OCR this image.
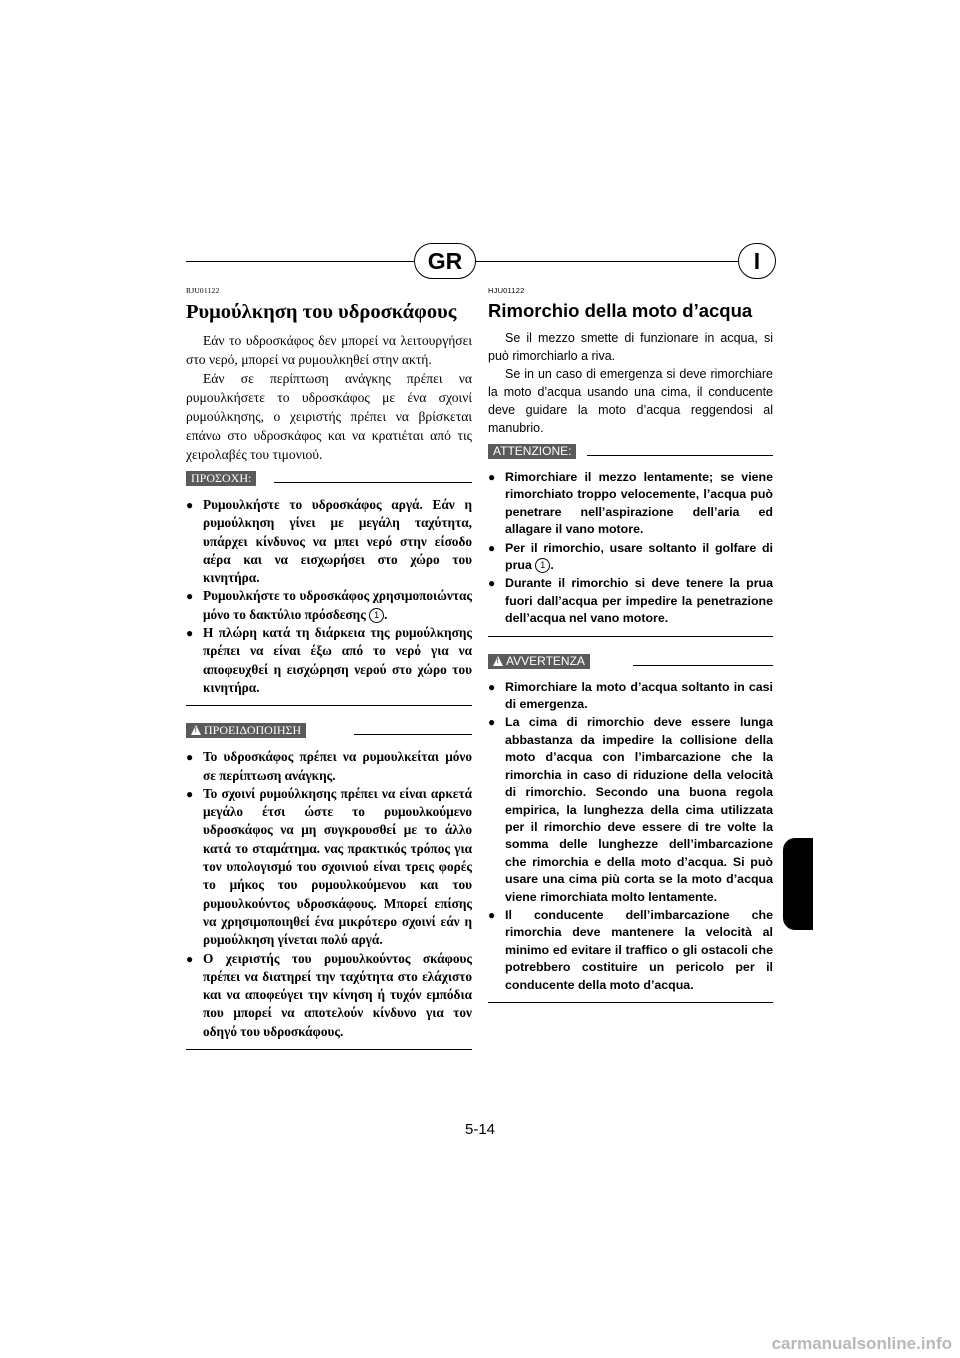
GR	I
RJU01122
Ρυμούλκηση του υδροσκάφους
Εάν το υδροσκάφος δεν μπορεί να λειτουργήσει στο νερό, μπορεί να ρυμουλκηθεί στην ακτή.
Εάν σε περίπτωση ανάγκης πρέπει να ρυμουλκήσετε το υδροσκάφος με ένα σχοινί ρυμούλκησης, ο χειριστής πρέπει να βρίσκεται επάνω στο υδροσκάφος και να κρατιέται από τις χειρολαβές του τιμονιού.
ΠΡΟΣΟΧΗ:
● Ρυμουλκήστε το υδροσκάφος αργά. Εάν η ρυμούλκηση γίνει με μεγάλη ταχύτητα, υπάρχει κίνδυνος να μπει νερό στην είσοδο αέρα και να εισχωρήσει στο χώρο του κινητήρα.
● Ρυμουλκήστε το υδροσκάφος χρησιμοποιώντας μόνο το δακτύλιο πρόσδεσης 1 .
● Η πλώρη κατά τη διάρκεια της ρυμούλκησης πρέπει να είναι έξω από το νερό για να αποφευχθεί η εισχώρηση νερού στο χώρο του κινητήρα.
!ΠΡΟΕΙΔΟΠΟΙΗΣΗ
● Το υδροσκάφος πρέπει να ρυμουλκείται μόνο σε περίπτωση ανάγκης.
● Το σχοινί ρυμούλκησης πρέπει να είναι αρκετά μεγάλο έτσι ώστε το ρυμουλκούμενο υδροσκάφος να μη συγκρουσθεί με το άλλο κατά το σταμάτημα. νας πρακτικός τρόπος για τον υπολογισμό του σχοινιού είναι τρεις φορές το μήκος του ρυμουλκούμενου και του ρυμουλκούντος υδροσκάφους. Μπορεί επίσης να χρησιμοποιηθεί ένα μικρότερο σχοινί εάν η ρυμούλκηση γίνεται πολύ αργά.
● Ο χειριστής του ρυμουλκούντος σκάφους πρέπει να διατηρεί την ταχύτητα στο ελάχιστο και να αποφεύγει την κίνηση ή τυχόν εμπόδια που μπορεί να αποτελούν κίνδυνο για τον οδηγό του υδροσκάφους.
HJU01122
Rimorchio della moto d’acqua
Se il mezzo smette di funzionare in acqua, si può rimorchiarlo a riva.
Se in un caso di emergenza si deve rimorchiare la moto d’acqua usando una cima, il conducente deve guidare la moto d’acqua reggendosi al manubrio.
ATTENZIONE:
● Rimorchiare il mezzo lentamente; se viene rimorchiato troppo velocemente, l’acqua può penetrare nell’aspirazione dell’aria ed allagare il vano motore.
● Per il rimorchio, usare soltanto il golfare di prua 1 .
● Durante il rimorchio si deve tenere la prua fuori dall’acqua per impedire la penetrazione dell’acqua nel vano motore.
!AVVERTENZA
● Rimorchiare la moto d’acqua soltanto in casi di emergenza.
● La cima di rimorchio deve essere lunga abbastanza da impedire la collisione della moto d’acqua con l’imbarcazione che la rimorchia in caso di riduzione della velocità di rimorchio. Secondo una buona regola empirica, la lunghezza della cima utilizzata per il rimorchio deve essere di tre volte la somma delle lunghezze dell’imbarcazione che rimorchia e della moto d’acqua. Si può usare una cima più corta se la moto d’acqua viene rimorchiata molto lentamente.
● Il conducente dell’imbarcazione che rimorchia deve mantenere la velocità al minimo ed evitare il traffico o gli ostacoli che potrebbero costituire un pericolo per il conducente della moto d’acqua.
5-14
carmanualsonline.info
